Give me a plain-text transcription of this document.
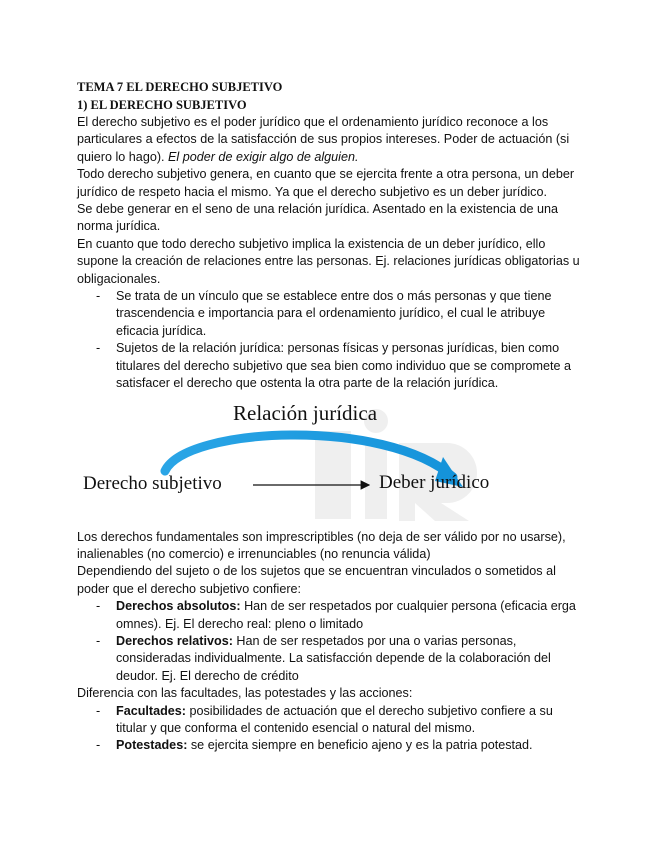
TEMA 7 EL DERECHO SUBJETIVO

1) EL DERECHO SUBJETIVO

El derecho subjetivo es el poder jurídico que el ordenamiento jurídico reconoce a los particulares a efectos de la satisfacción de sus propios intereses. Poder de actuación (si quiero lo hago). El poder de exigir algo de alguien.

Todo derecho subjetivo genera, en cuanto que se ejercita frente a otra persona, un deber jurídico de respeto hacia el mismo. Ya que el derecho subjetivo es un deber jurídico.

Se debe generar en el seno de una relación jurídica. Asentado en la existencia de una norma jurídica.

En cuanto que todo derecho subjetivo implica la existencia de un deber jurídico, ello supone la creación de relaciones entre las personas. Ej. relaciones jurídicas obligatorias u obligacionales.

- Se trata de un vínculo que se establece entre dos o más personas y que tiene trascendencia e importancia para el ordenamiento jurídico, el cual le atribuye eficacia jurídica.
- Sujetos de la relación jurídica: personas físicas y personas jurídicas, bien como titulares del derecho subjetivo que sea bien como individuo que se compromete a satisfacer el derecho que ostenta la otra parte de la relación jurídica.
Relación jurídica
Derecho subjetivo	Deber jurídico

Los derechos fundamentales son imprescriptibles (no deja de ser válido por no usarse), inalienables (no comercio) e irrenunciables (no renuncia válida)

Dependiendo del sujeto o de los sujetos que se encuentran vinculados o sometidos al poder que el derecho subjetivo confiere:

- Derechos absolutos: Han de ser respetados por cualquier persona (eficacia erga omnes). Ej. El derecho real: pleno o limitado
- Derechos relativos: Han de ser respetados por una o varias personas, consideradas individualmente. La satisfacción depende de la colaboración del deudor. Ej. El derecho de crédito

Diferencia con las facultades, las potestades y las acciones:

- Facultades: posibilidades de actuación que el derecho subjetivo confiere a su titular y que conforma el contenido esencial o natural del mismo.
- Potestades: se ejercita siempre en beneficio ajeno y es la patria potestad.
